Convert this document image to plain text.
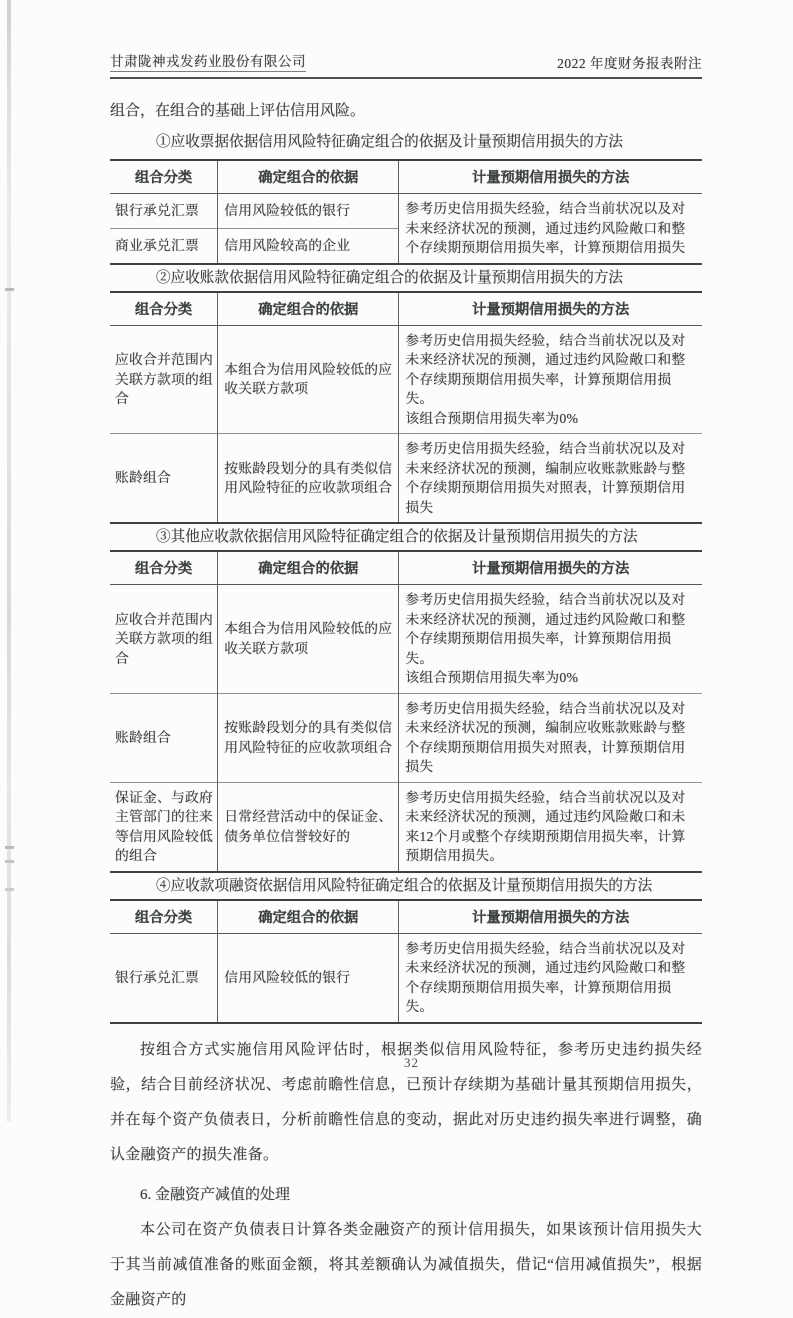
甘肃陇神戎发药业股份有限公司	2022 年度财务报表附注

组合，在组合的基础上评估信用风险。

①应收票据依据信用风险特征确定组合的依据及计量预期信用损失的方法
组合分类	确定组合的依据	计量预期信用损失的方法
银行承兑汇票	信用风险较低的银行	参考历史信用损失经验，结合当前状况以及对未来经济状况的预测，通过违约风险敞口和整个存续期预期信用损失率，计算预期信用损失
商业承兑汇票	信用风险较高的企业	
②应收账款依据信用风险特征确定组合的依据及计量预期信用损失的方法
组合分类	确定组合的依据	计量预期信用损失的方法
应收合并范围内关联方款项的组合	本组合为信用风险较低的应收关联方款项	参考历史信用损失经验，结合当前状况以及对未来经济状况的预测，通过违约风险敞口和整个存续期预期信用损失率，计算预期信用损失。
该组合预期信用损失率为0%

账龄组合	按账龄段划分的具有类似信用风险特征的应收款项组合	参考历史信用损失经验，结合当前状况以及对未来经济状况的预测，编制应收账款账龄与整个存续期预期信用损失对照表，计算预期信用损失
③其他应收款依据信用风险特征确定组合的依据及计量预期信用损失的方法
组合分类	确定组合的依据	计量预期信用损失的方法
应收合并范围内关联方款项的组合	本组合为信用风险较低的应收关联方款项	参考历史信用损失经验，结合当前状况以及对未来经济状况的预测，通过违约风险敞口和整个存续期预期信用损失率，计算预期信用损失。
该组合预期信用损失率为0%

账龄组合	按账龄段划分的具有类似信用风险特征的应收款项组合	参考历史信用损失经验，结合当前状况以及对未来经济状况的预测，编制应收账款账龄与整个存续期预期信用损失对照表，计算预期信用损失
保证金、与政府主管部门的往来等信用风险较低的组合	日常经营活动中的保证金、债务单位信誉较好的	参考历史信用损失经验，结合当前状况以及对未来经济状况的预测，通过违约风险敞口和未来12个月或整个存续期预期信用损失率，计算预期信用损失。
④应收款项融资依据信用风险特征确定组合的依据及计量预期信用损失的方法
组合分类	确定组合的依据	计量预期信用损失的方法
银行承兑汇票	信用风险较低的银行	参考历史信用损失经验，结合当前状况以及对未来经济状况的预测，通过违约风险敞口和整个存续期预期信用损失率，计算预期信用损失。

按组合方式实施信用风险评估时，根据类似信用风险特征，参考历史违约损失经验，结合目前经济状况、考虑前瞻性信息，已预计存续期为基础计量其预期信用损失，并在每个资产负债表日，分析前瞻性信息的变动，据此对历史违约损失率进行调整，确认金融资产的损失准备。

6. 金融资产减值的处理

本公司在资产负债表日计算各类金融资产的预计信用损失，如果该预计信用损失大于其当前减值准备的账面金额，将其差额确认为减值损失，借记“信用减值损失”，根据金融资产的

32
